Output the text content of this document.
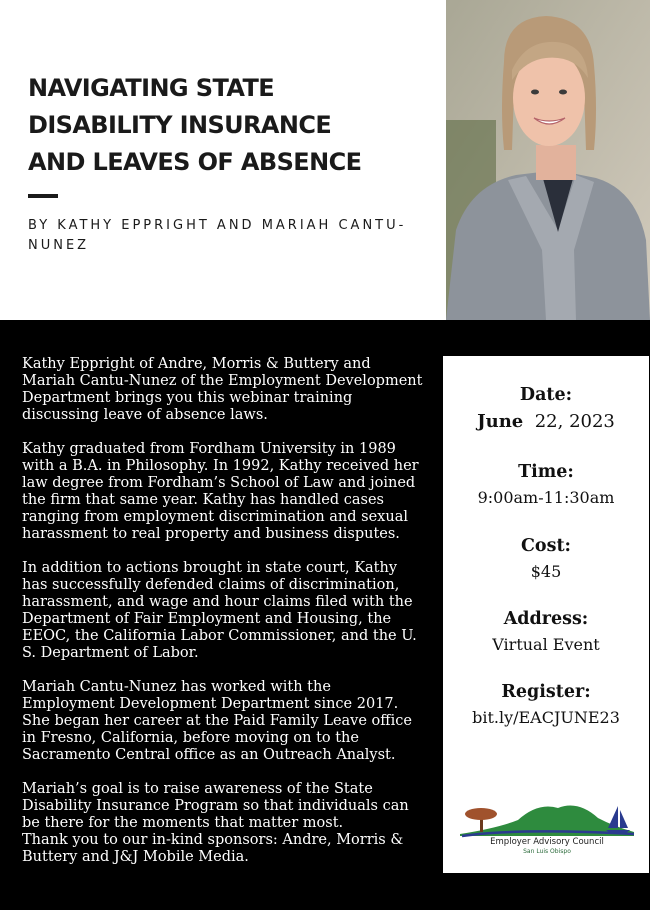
NAVIGATING STATE
DISABILITY INSURANCE
AND LEAVES OF ABSENCE
BY KATHY EPPRIGHT AND MARIAH CANTU-NUNEZ

Kathy Eppright of Andre, Morris & Buttery and Mariah Cantu-Nunez of the Employment Development Department brings you this webinar training discussing leave of absence laws.

Kathy graduated from Fordham University in 1989 with a B.A. in Philosophy. In 1992, Kathy received her law degree from Fordham’s School of Law and joined the firm that same year. Kathy has handled cases ranging from employment discrimination and sexual harassment to real property and business disputes.

In addition to actions brought in state court, Kathy has successfully defended claims of discrimination, harassment, and wage and hour claims filed with the Department of Fair Employment and Housing, the EEOC, the California Labor Commissioner, and the U. S. Department of Labor.

Mariah Cantu-Nunez has worked with the Employment Development Department since 2017. She began her career at the Paid Family Leave office in Fresno, California, before moving on to the Sacramento Central office as an Outreach Analyst.

Mariah’s goal is to raise awareness of the State Disability Insurance Program so that individuals can be there for the moments that matter most.

Thank you to our in-kind sponsors: Andre, Morris & Buttery and J&J Mobile Media.

Date:

June 22, 2023

Time:

9:00am-11:30am

Cost:

$45

Address:

Virtual Event

Register:

bit.ly/EACJUNE23

Employer Advisory Council
San Luis Obispo
